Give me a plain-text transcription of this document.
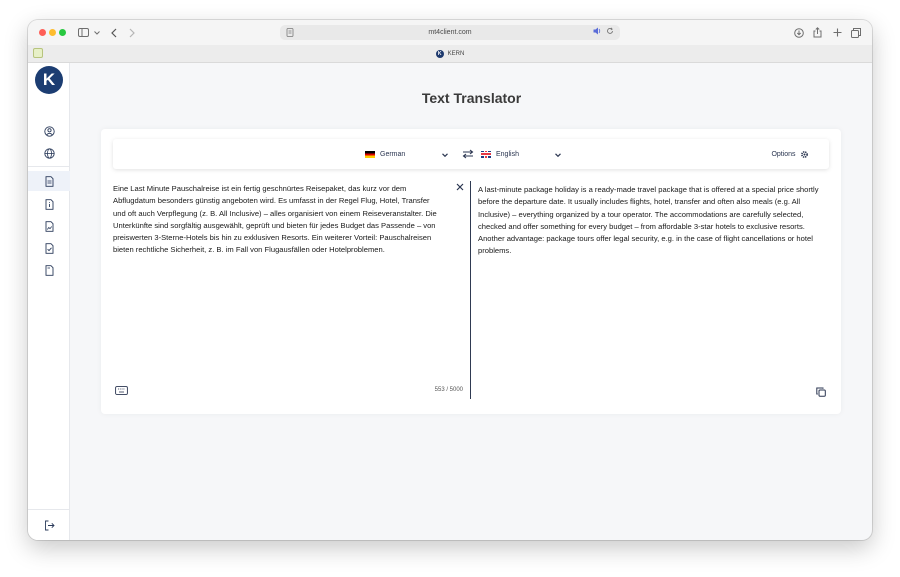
mt4client.com
K	KERN
K
Text Translator
German	English	Options
Eine Last Minute Pauschalreise ist ein fertig geschnürtes Reisepaket, das kurz vor dem Abflugdatum besonders günstig angeboten wird. Es umfasst in der Regel Flug, Hotel, Transfer und oft auch Verpflegung (z. B. All Inclusive) – alles organisiert von einem Reiseveranstalter. Die Unterkünfte sind sorgfältig ausgewählt, geprüft und bieten für jedes Budget das Passende – von preiswerten 3-Sterne-Hotels bis hin zu exklusiven Resorts. Ein weiterer Vorteil: Pauschalreisen bieten rechtliche Sicherheit, z. B. im Fall von Flugausfällen oder Hotelproblemen.
A last-minute package holiday is a ready-made travel package that is offered at a special price shortly before the departure date. It usually includes flights, hotel, transfer and often also meals (e.g. All Inclusive) – everything organized by a tour operator. The accommodations are carefully selected, checked and offer something for every budget – from affordable 3-star hotels to exclusive resorts. Another advantage: package tours offer legal security, e.g. in the case of flight cancellations or hotel problems.
553 / 5000
